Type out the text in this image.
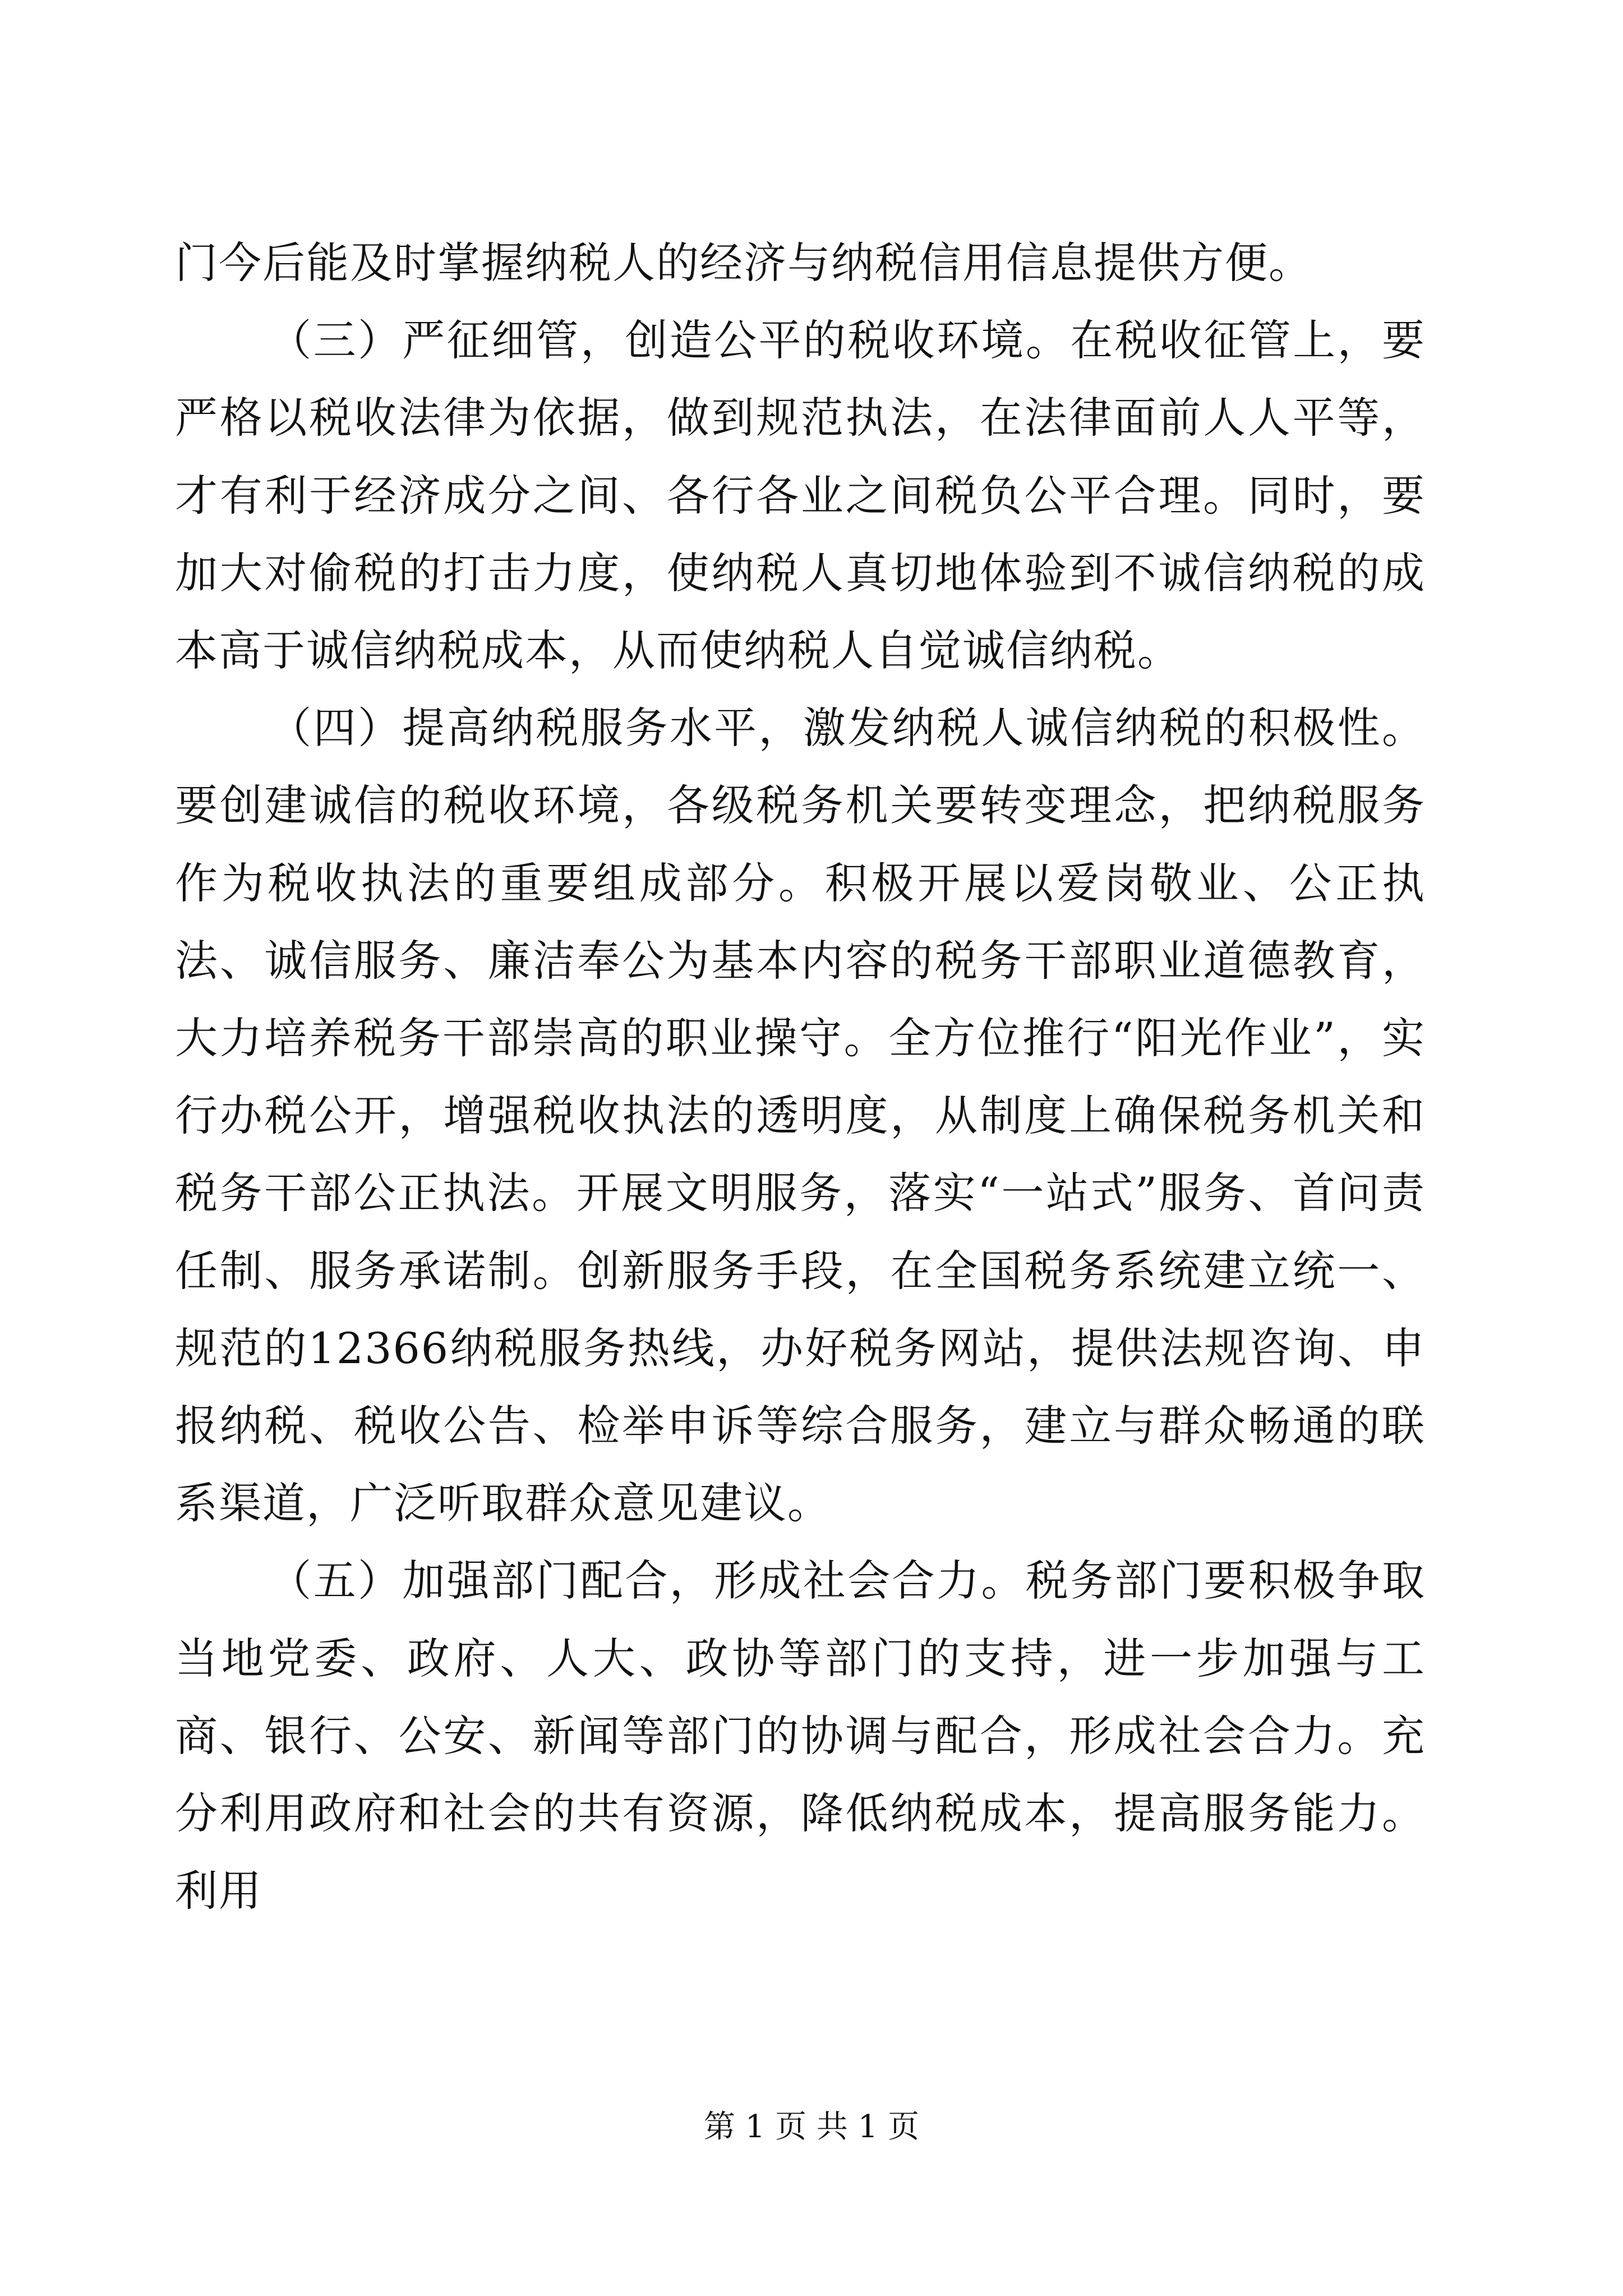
门今后能及时掌握纳税人的经济与纳税信用信息提供方便。

（三）严征细管，创造公平的税收环境。在税收征管上，要严格以税收法律为依据，做到规范执法，在法律面前人人平等，才有利于经济成分之间、各行各业之间税负公平合理。同时，要加大对偷税的打击力度，使纳税人真切地体验到不诚信纳税的成本高于诚信纳税成本，从而使纳税人自觉诚信纳税。

（四）提高纳税服务水平，激发纳税人诚信纳税的积极性。要创建诚信的税收环境，各级税务机关要转变理念，把纳税服务作为税收执法的重要组成部分。积极开展以爱岗敬业、公正执法、诚信服务、廉洁奉公为基本内容的税务干部职业道德教育，大力培养税务干部崇高的职业操守。全方位推行“阳光作业”，实行办税公开，增强税收执法的透明度，从制度上确保税务机关和税务干部公正执法。开展文明服务，落实“一站式”服务、首问责任制、服务承诺制。创新服务手段，在全国税务系统建立统一、规范的12366纳税服务热线，办好税务网站，提供法规咨询、申报纳税、税收公告、检举申诉等综合服务，建立与群众畅通的联系渠道，广泛听取群众意见建议。

（五）加强部门配合，形成社会合力。税务部门要积极争取当地党委、政府、人大、政协等部门的支持，进一步加强与工商、银行、公安、新闻等部门的协调与配合，形成社会合力。充分利用政府和社会的共有资源，降低纳税成本，提高服务能力。利用

第 1 页 共 1 页
